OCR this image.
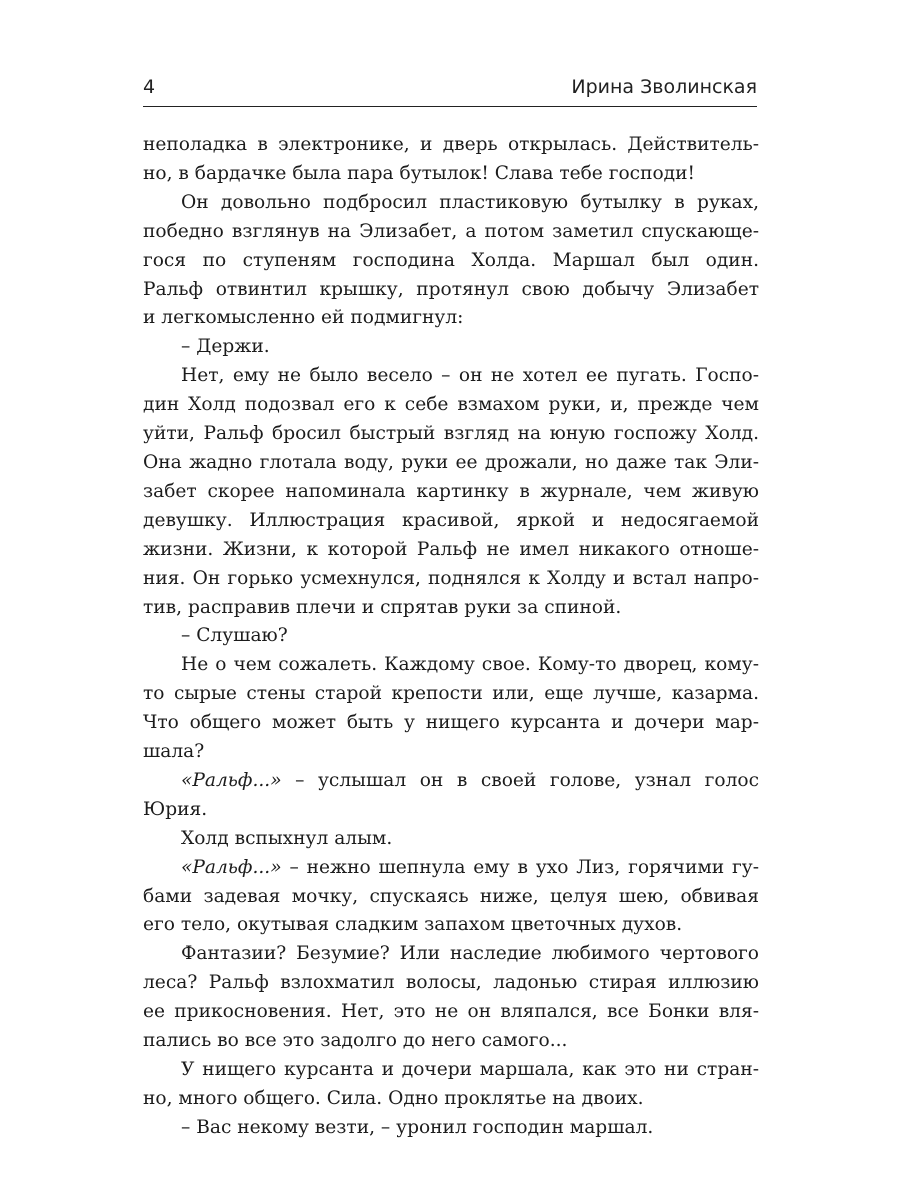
4	Ирина Зволинская

неполадка в электронике, и дверь открылась. Действитель-

но, в бардачке была пара бутылок! Слава тебе господи!

Он довольно подбросил пластиковую бутылку в руках,

победно взглянув на Элизабет, а потом заметил спускающе-

гося по ступеням господина Холда. Маршал был один.

Ральф отвинтил крышку, протянул свою добычу Элизабет

и легкомысленно ей подмигнул:

– Держи.

Нет, ему не было весело – он не хотел ее пугать. Госпо-

дин Холд подозвал его к себе взмахом руки, и, прежде чем

уйти, Ральф бросил быстрый взгляд на юную госпожу Холд.

Она жадно глотала воду, руки ее дрожали, но даже так Эли-

забет скорее напоминала картинку в журнале, чем живую

девушку. Иллюстрация красивой, яркой и недосягаемой

жизни. Жизни, к которой Ральф не имел никакого отноше-

ния. Он горько усмехнулся, поднялся к Холду и встал напро-

тив, расправив плечи и спрятав руки за спиной.

– Слушаю?

Не о чем сожалеть. Каждому свое. Кому-то дворец, кому-

то сырые стены старой крепости или, еще лучше, казарма.

Что общего может быть у нищего курсанта и дочери мар-

шала?

«Ральф...» – услышал он в своей голове, узнал голос

Юрия.

Холд вспыхнул алым.

«Ральф...» – нежно шепнула ему в ухо Лиз, горячими гу-

бами задевая мочку, спускаясь ниже, целуя шею, обвивая

его тело, окутывая сладким запахом цветочных духов.

Фантазии? Безумие? Или наследие любимого чертового

леса? Ральф взлохматил волосы, ладонью стирая иллюзию

ее прикосновения. Нет, это не он вляпался, все Бонки вля-

пались во все это задолго до него самого...

У нищего курсанта и дочери маршала, как это ни стран-

но, много общего. Сила. Одно проклятье на двоих.

– Вас некому везти, – уронил господин маршал.
